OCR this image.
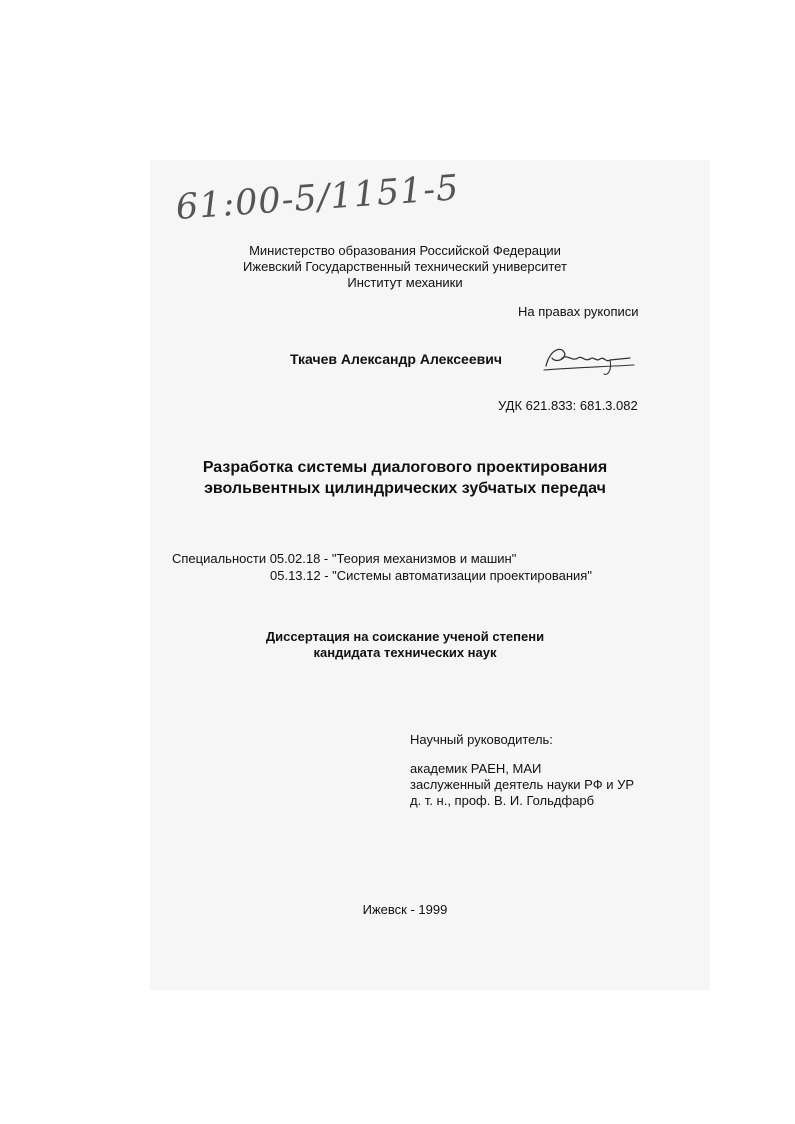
61:00-5/1151-5
Министерство образования Российской Федерации
Ижевский Государственный технический университет
Институт механики
На правах рукописи
Ткачев Александр Алексеевич
УДК 621.833: 681.3.082
Разработка системы диалогового проектирования
эвольвентных цилиндрических зубчатых передач
Специальности 05.02.18 - "Теория механизмов и машин"
05.13.12 - "Системы автоматизации проектирования"
Диссертация на соискание ученой степени
кандидата технических наук
Научный руководитель:
академик РАЕН, МАИ
заслуженный деятель науки РФ и УР
д. т. н., проф. В. И. Гольдфарб
Ижевск - 1999
